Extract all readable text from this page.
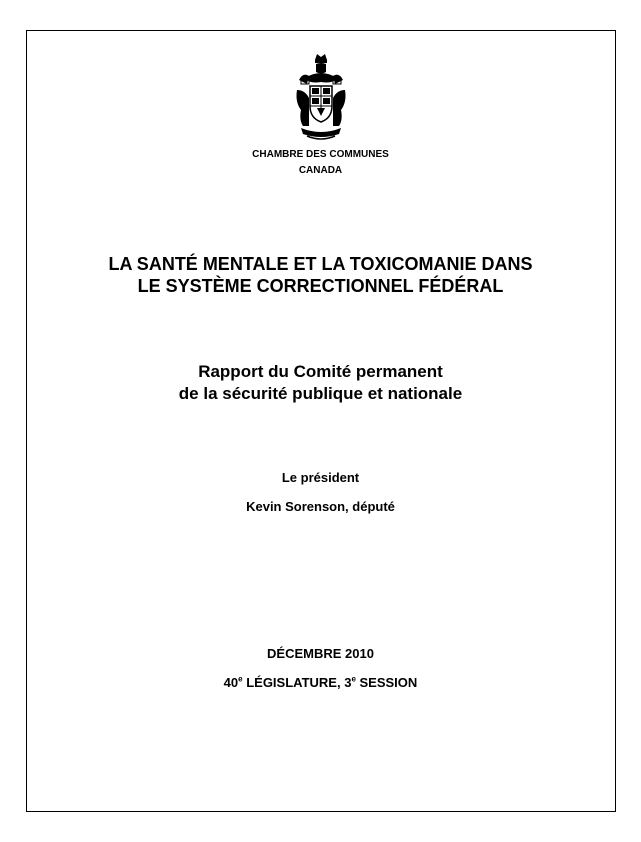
CHAMBRE DES COMMUNES
CANADA
LA SANTÉ MENTALE ET LA TOXICOMANIE DANS
LE SYSTÈME CORRECTIONNEL FÉDÉRAL
Rapport du Comité permanent
de la sécurité publique et nationale
Le président
Kevin Sorenson, député
DÉCEMBRE 2010
40e LÉGISLATURE, 3e SESSION
